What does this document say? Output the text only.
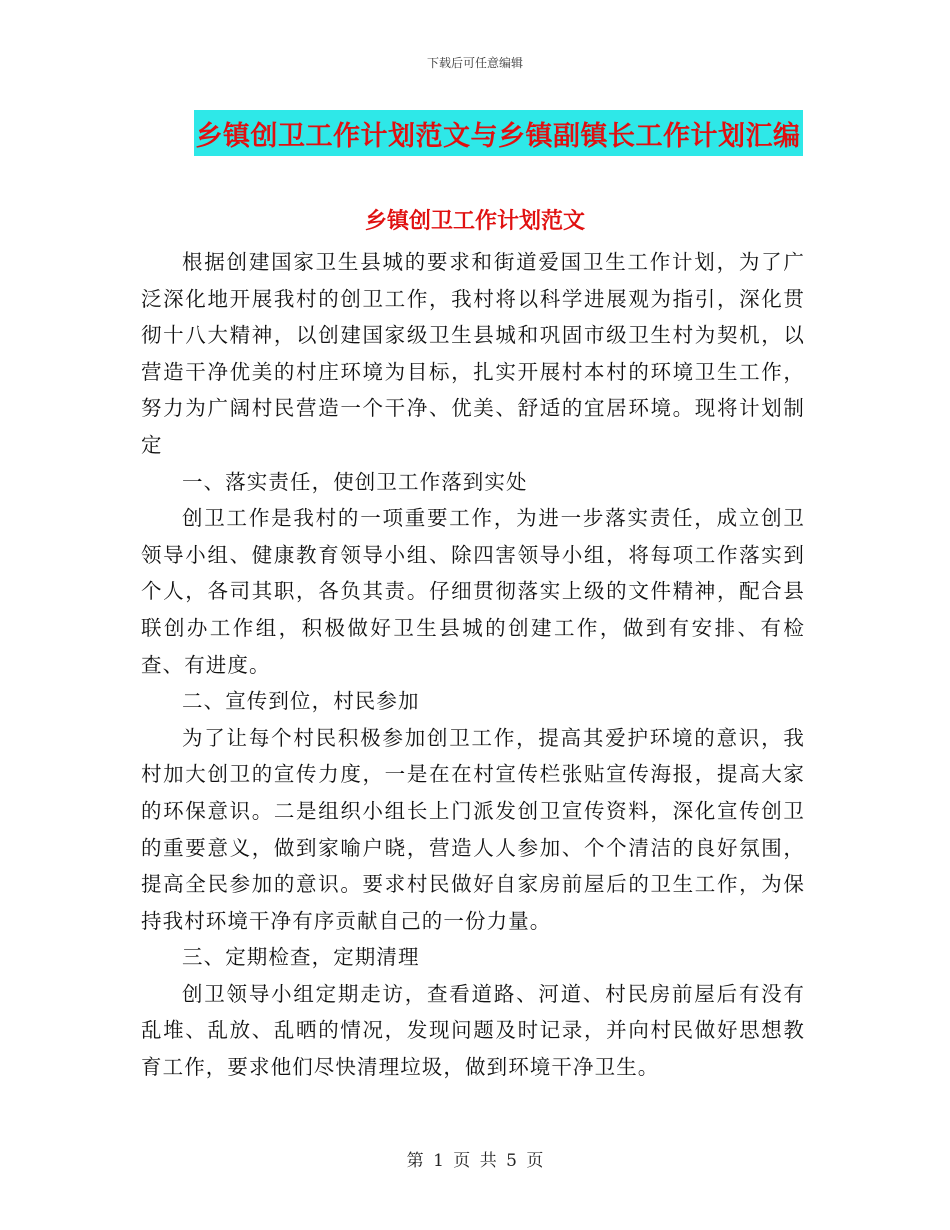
下载后可任意编辑
乡镇创卫工作计划范文与乡镇副镇长工作计划汇编
乡镇创卫工作计划范文

根据创建国家卫生县城的要求和街道爱国卫生工作计划，为了广泛深化地开展我村的创卫工作，我村将以科学进展观为指引，深化贯彻十八大精神，以创建国家级卫生县城和巩固市级卫生村为契机，以营造干净优美的村庄环境为目标，扎实开展村本村的环境卫生工作，努力为广阔村民营造一个干净、优美、舒适的宜居环境。现将计划制定

一、落实责任，使创卫工作落到实处

创卫工作是我村的一项重要工作，为进一步落实责任，成立创卫领导小组、健康教育领导小组、除四害领导小组，将每项工作落实到个人，各司其职，各负其责。仔细贯彻落实上级的文件精神，配合县联创办工作组，积极做好卫生县城的创建工作，做到有安排、有检查、有进度。

二、宣传到位，村民参加

为了让每个村民积极参加创卫工作，提高其爱护环境的意识，我村加大创卫的宣传力度，一是在在村宣传栏张贴宣传海报，提高大家的环保意识。二是组织小组长上门派发创卫宣传资料，深化宣传创卫的重要意义，做到家喻户晓，营造人人参加、个个清洁的良好氛围，提高全民参加的意识。要求村民做好自家房前屋后的卫生工作，为保持我村环境干净有序贡献自己的一份力量。

三、定期检查，定期清理

创卫领导小组定期走访，查看道路、河道、村民房前屋后有没有乱堆、乱放、乱晒的情况，发现问题及时记录，并向村民做好思想教育工作，要求他们尽快清理垃圾，做到环境干净卫生。

第 1 页 共 5 页
